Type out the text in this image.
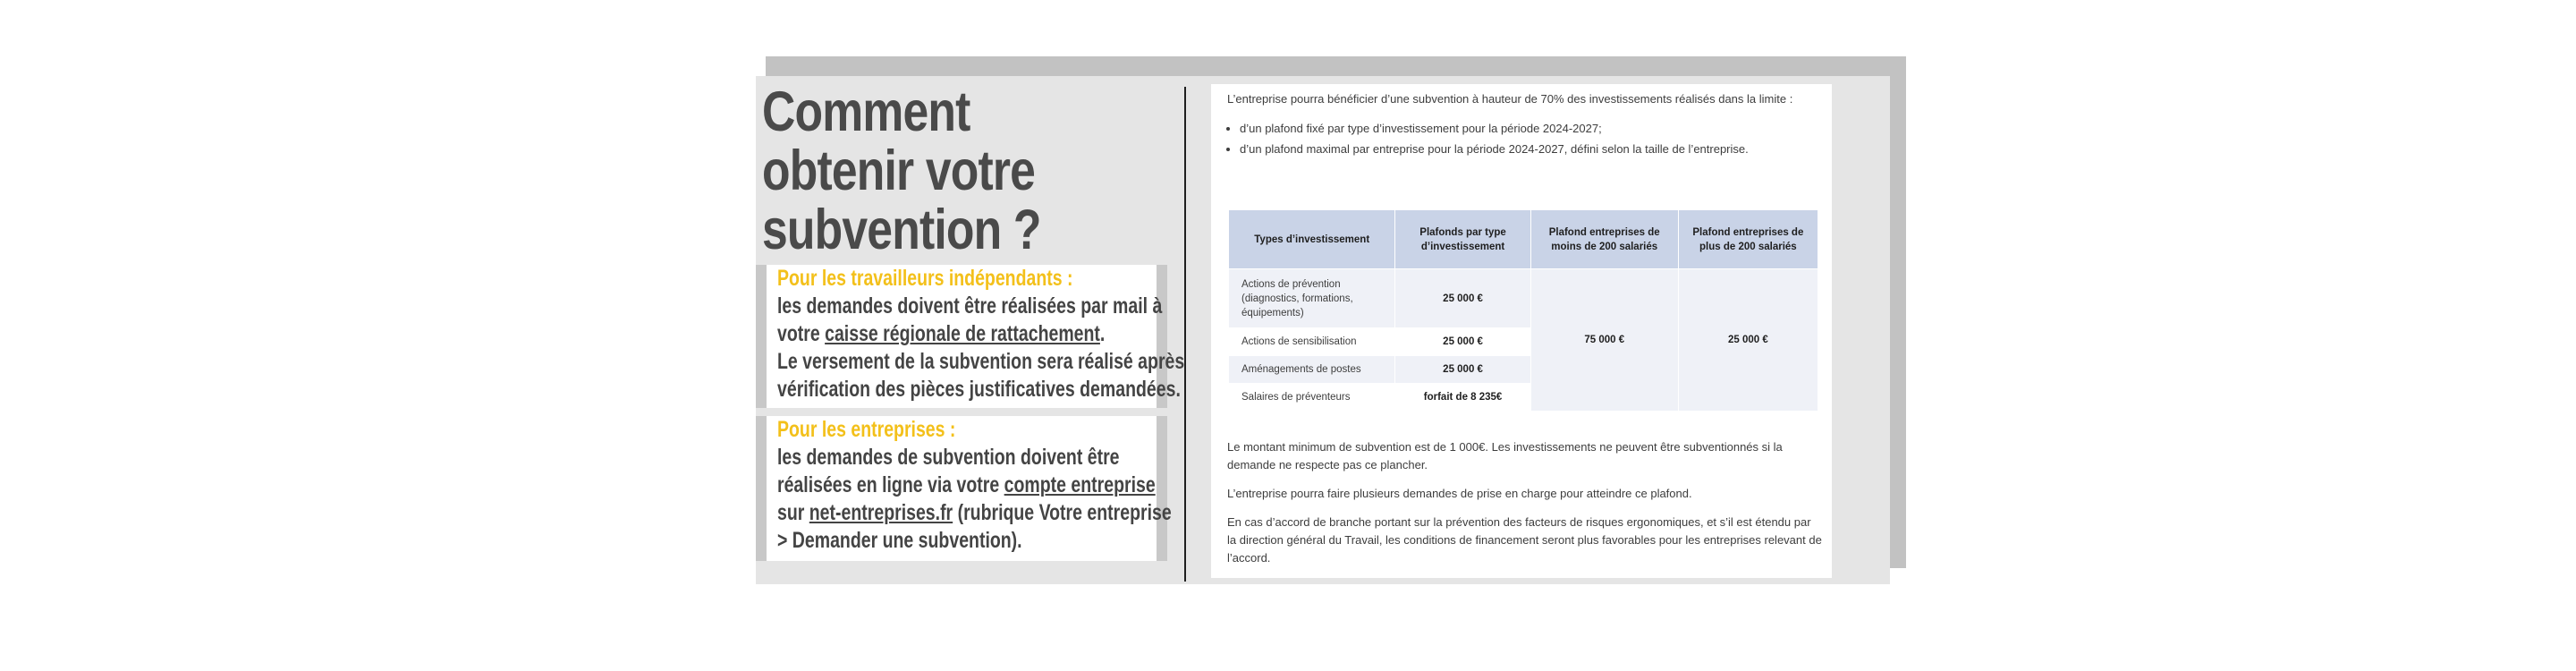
Comment
obtenir votre
subvention ?
Pour les travailleurs indépendants :

les demandes doivent être réalisées par mail à

votre caisse régionale de rattachement.

Le versement de la subvention sera réalisé après

vérification des pièces justificatives demandées.

Pour les entreprises :

les demandes de subvention doivent être

réalisées en ligne via votre compte entreprise

sur net-entreprises.fr (rubrique Votre entreprise

> Demander une subvention).

L’entreprise pourra bénéficier d’une subvention à hauteur de 70% des investissements réalisés dans la limite :

• d’un plafond fixé par type d’investissement pour la période 2024-2027;
• d’un plafond maximal par entreprise pour la période 2024-2027, défini selon la taille de l’entreprise.
Types d’investissement	Plafonds par type d’investissement	Plafond entreprises de moins de 200 salariés	Plafond entreprises de plus de 200 salariés
Actions de prévention (diagnostics, formations, équipements)	25 000 €	75 000 €	25 000 €
Actions de sensibilisation	25 000 €		
Aménagements de postes	25 000 €		
Salaires de préventeurs	forfait de 8 235€		

Le montant minimum de subvention est de 1 000€. Les investissements ne peuvent être subventionnés si la demande ne respecte pas ce plancher.

L’entreprise pourra faire plusieurs demandes de prise en charge pour atteindre ce plafond.

En cas d’accord de branche portant sur la prévention des facteurs de risques ergonomiques, et s’il est étendu par la direction général du Travail, les conditions de financement seront plus favorables pour les entreprises relevant de l’accord.
